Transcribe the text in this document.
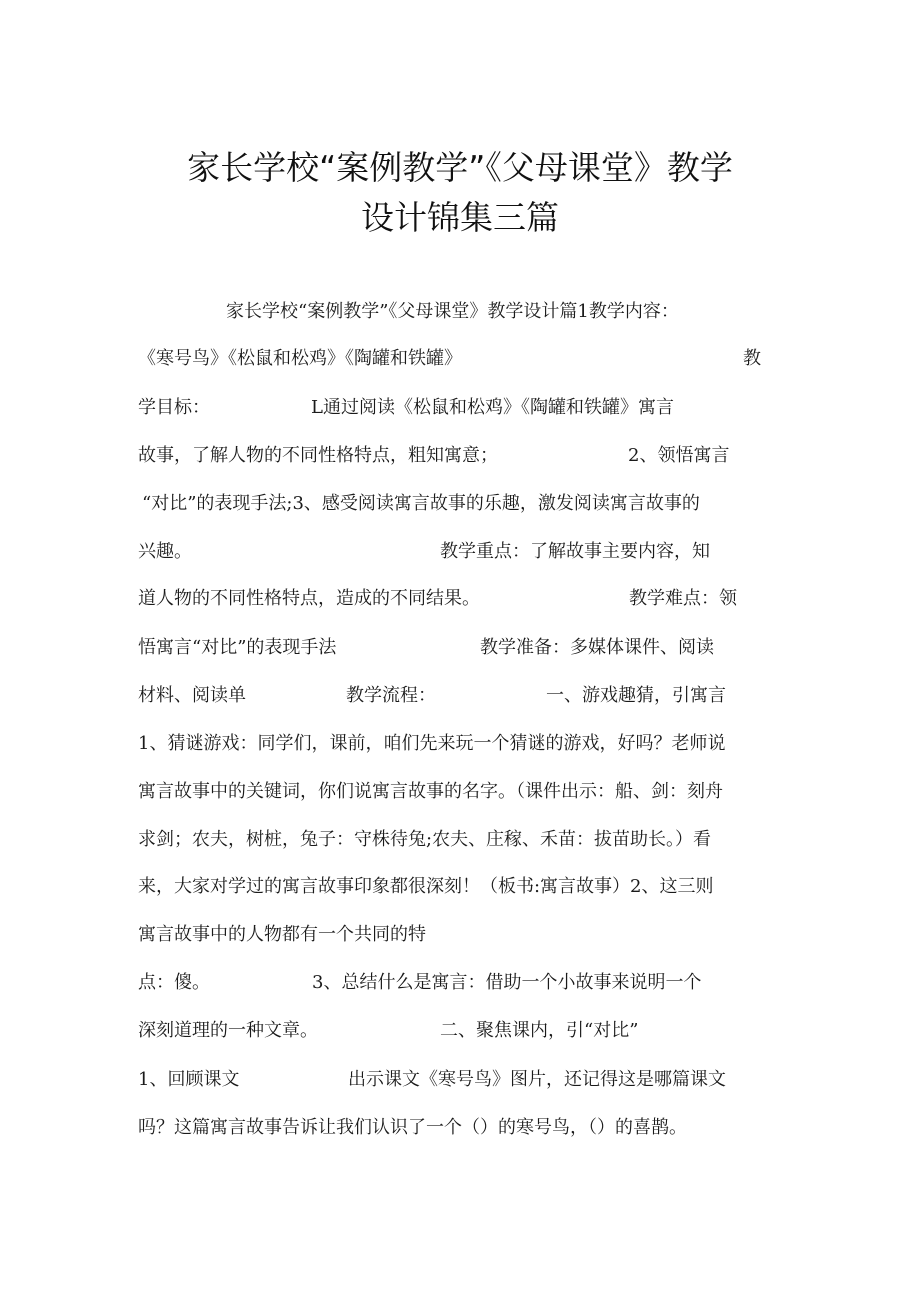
家长学校“案例教学”《父母课堂》教学
设计锦集三篇
家长学校“案例教学”《父母课堂》教学设计篇1教学内容：
《寒号鸟》《松鼠和松鸡》《陶罐和铁罐》	教
学目标：	L通过阅读《松鼠和松鸡》《陶罐和铁罐》寓言
故事，了解人物的不同性格特点，粗知寓意；	2、领悟寓言
“对比”的表现手法;3、感受阅读寓言故事的乐趣，激发阅读寓言故事的
兴趣。	教学重点：了解故事主要内容，知
道人物的不同性格特点，造成的不同结果。	教学难点：领
悟寓言“对比”的表现手法	教学准备：多媒体课件、阅读
材料、阅读单	教学流程：	一、游戏趣猜，引寓言
1、猜谜游戏：同学们，课前，咱们先来玩一个猜谜的游戏，好吗？老师说
寓言故事中的关键词，你们说寓言故事的名字。（课件出示：船、剑：刻舟
求剑；农夫，树桩，兔子：守株待兔;农夫、庄稼、禾苗：拔苗助长。）看
来，大家对学过的寓言故事印象都很深刻！（板书:寓言故事）2、这三则
寓言故事中的人物都有一个共同的特
点：傻。	3、总结什么是寓言：借助一个小故事来说明一个
深刻道理的一种文章。	二、聚焦课内，引“对比”
1、回顾课文	出示课文《寒号鸟》图片，还记得这是哪篇课文
吗？这篇寓言故事告诉让我们认识了一个（）的寒号鸟，（）的喜鹊。
